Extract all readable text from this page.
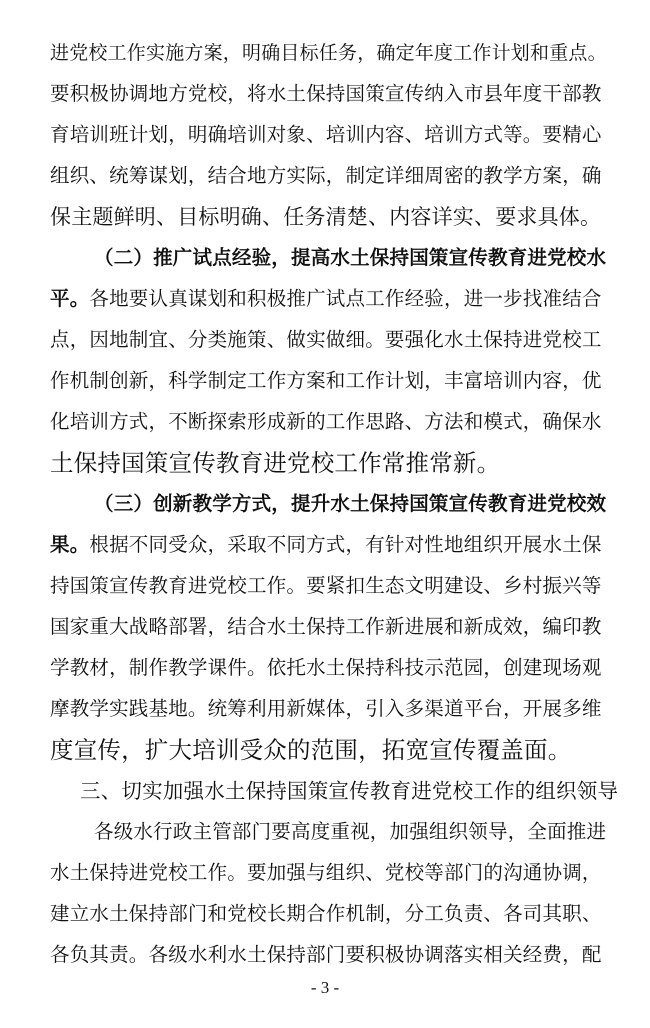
进党校工作实施方案，明确目标任务，确定年度工作计划和重点。
要积极协调地方党校，将水土保持国策宣传纳入市县年度干部教
育培训班计划，明确培训对象、培训内容、培训方式等。要精心
组织、统筹谋划，结合地方实际，制定详细周密的教学方案，确
保主题鲜明、目标明确、任务清楚、内容详实、要求具体。
（二）推广试点经验，提高水土保持国策宣传教育进党校水
平。各地要认真谋划和积极推广试点工作经验，进一步找准结合
点，因地制宜、分类施策、做实做细。要强化水土保持进党校工
作机制创新，科学制定工作方案和工作计划，丰富培训内容，优
化培训方式，不断探索形成新的工作思路、方法和模式，确保水
土保持国策宣传教育进党校工作常推常新。
（三）创新教学方式，提升水土保持国策宣传教育进党校效
果。根据不同受众，采取不同方式，有针对性地组织开展水土保
持国策宣传教育进党校工作。要紧扣生态文明建设、乡村振兴等
国家重大战略部署，结合水土保持工作新进展和新成效，编印教
学教材，制作教学课件。依托水土保持科技示范园，创建现场观
摩教学实践基地。统筹利用新媒体，引入多渠道平台，开展多维
度宣传，扩大培训受众的范围，拓宽宣传覆盖面。
三、切实加强水土保持国策宣传教育进党校工作的组织领导
各级水行政主管部门要高度重视，加强组织领导，全面推进
水土保持进党校工作。要加强与组织、党校等部门的沟通协调，
建立水土保持部门和党校长期合作机制，分工负责、各司其职、
各负其责。各级水利水土保持部门要积极协调落实相关经费，配
- 3 -
